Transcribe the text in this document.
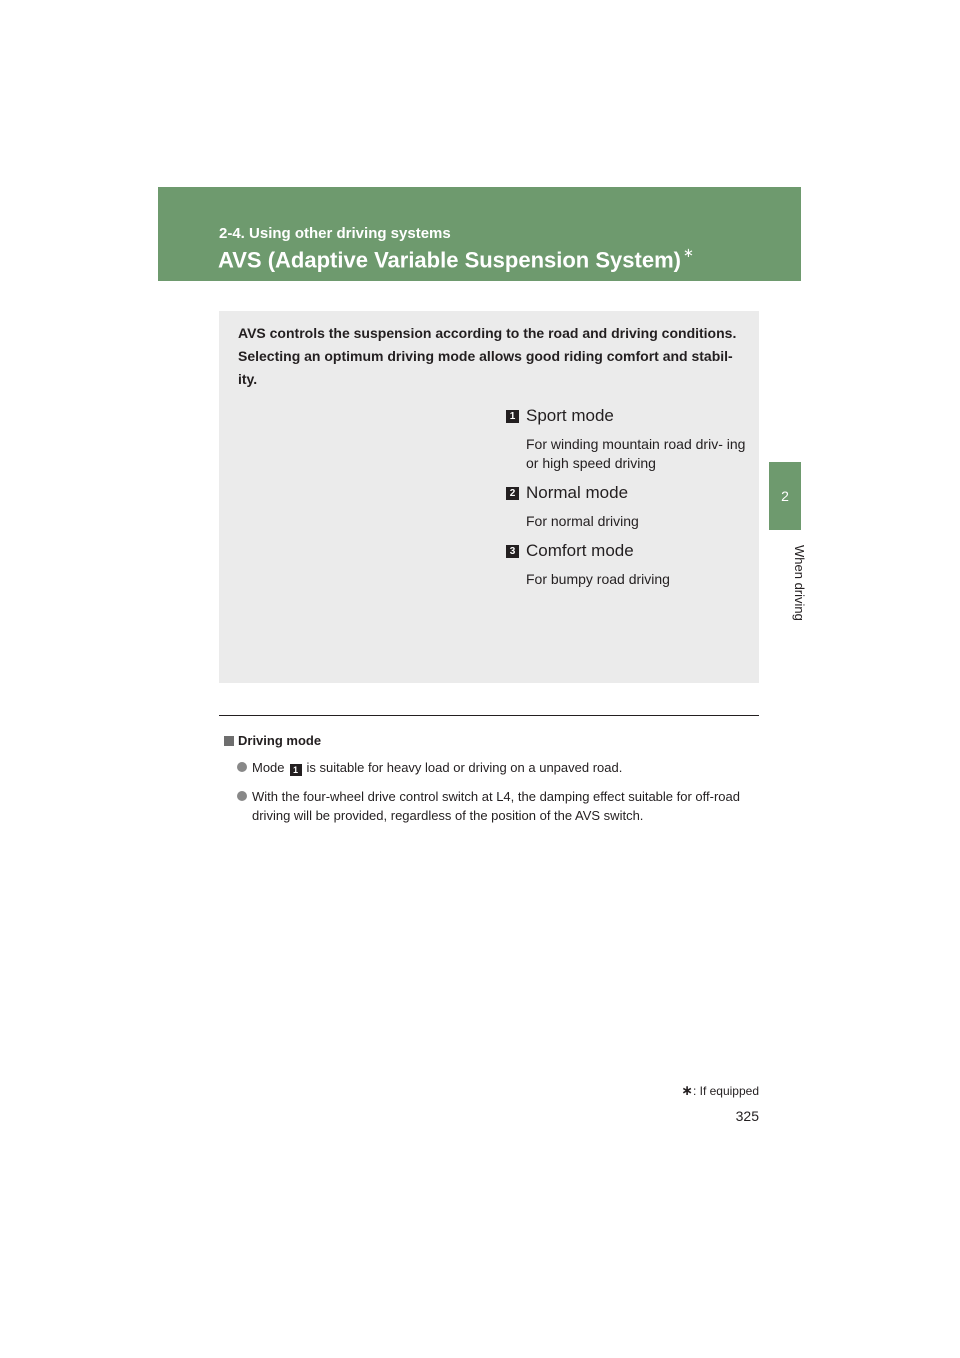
2-4. Using other driving systems
AVS (Adaptive Variable Suspension System) ∗
2
When driving
AVS controls the suspension according to the road and driving conditions. Selecting an optimum driving mode allows good riding comfort and stabil- ity.
1 Sport mode
For winding mountain road driv- ing or high speed driving
2 Normal mode
For normal driving
3 Comfort mode
For bumpy road driving
Driving mode
Mode 1 is suitable for heavy load or driving on a unpaved road.
With the four-wheel drive control switch at L4, the damping effect suitable for off-road driving will be provided, regardless of the position of the AVS switch.
∗: If equipped
325
